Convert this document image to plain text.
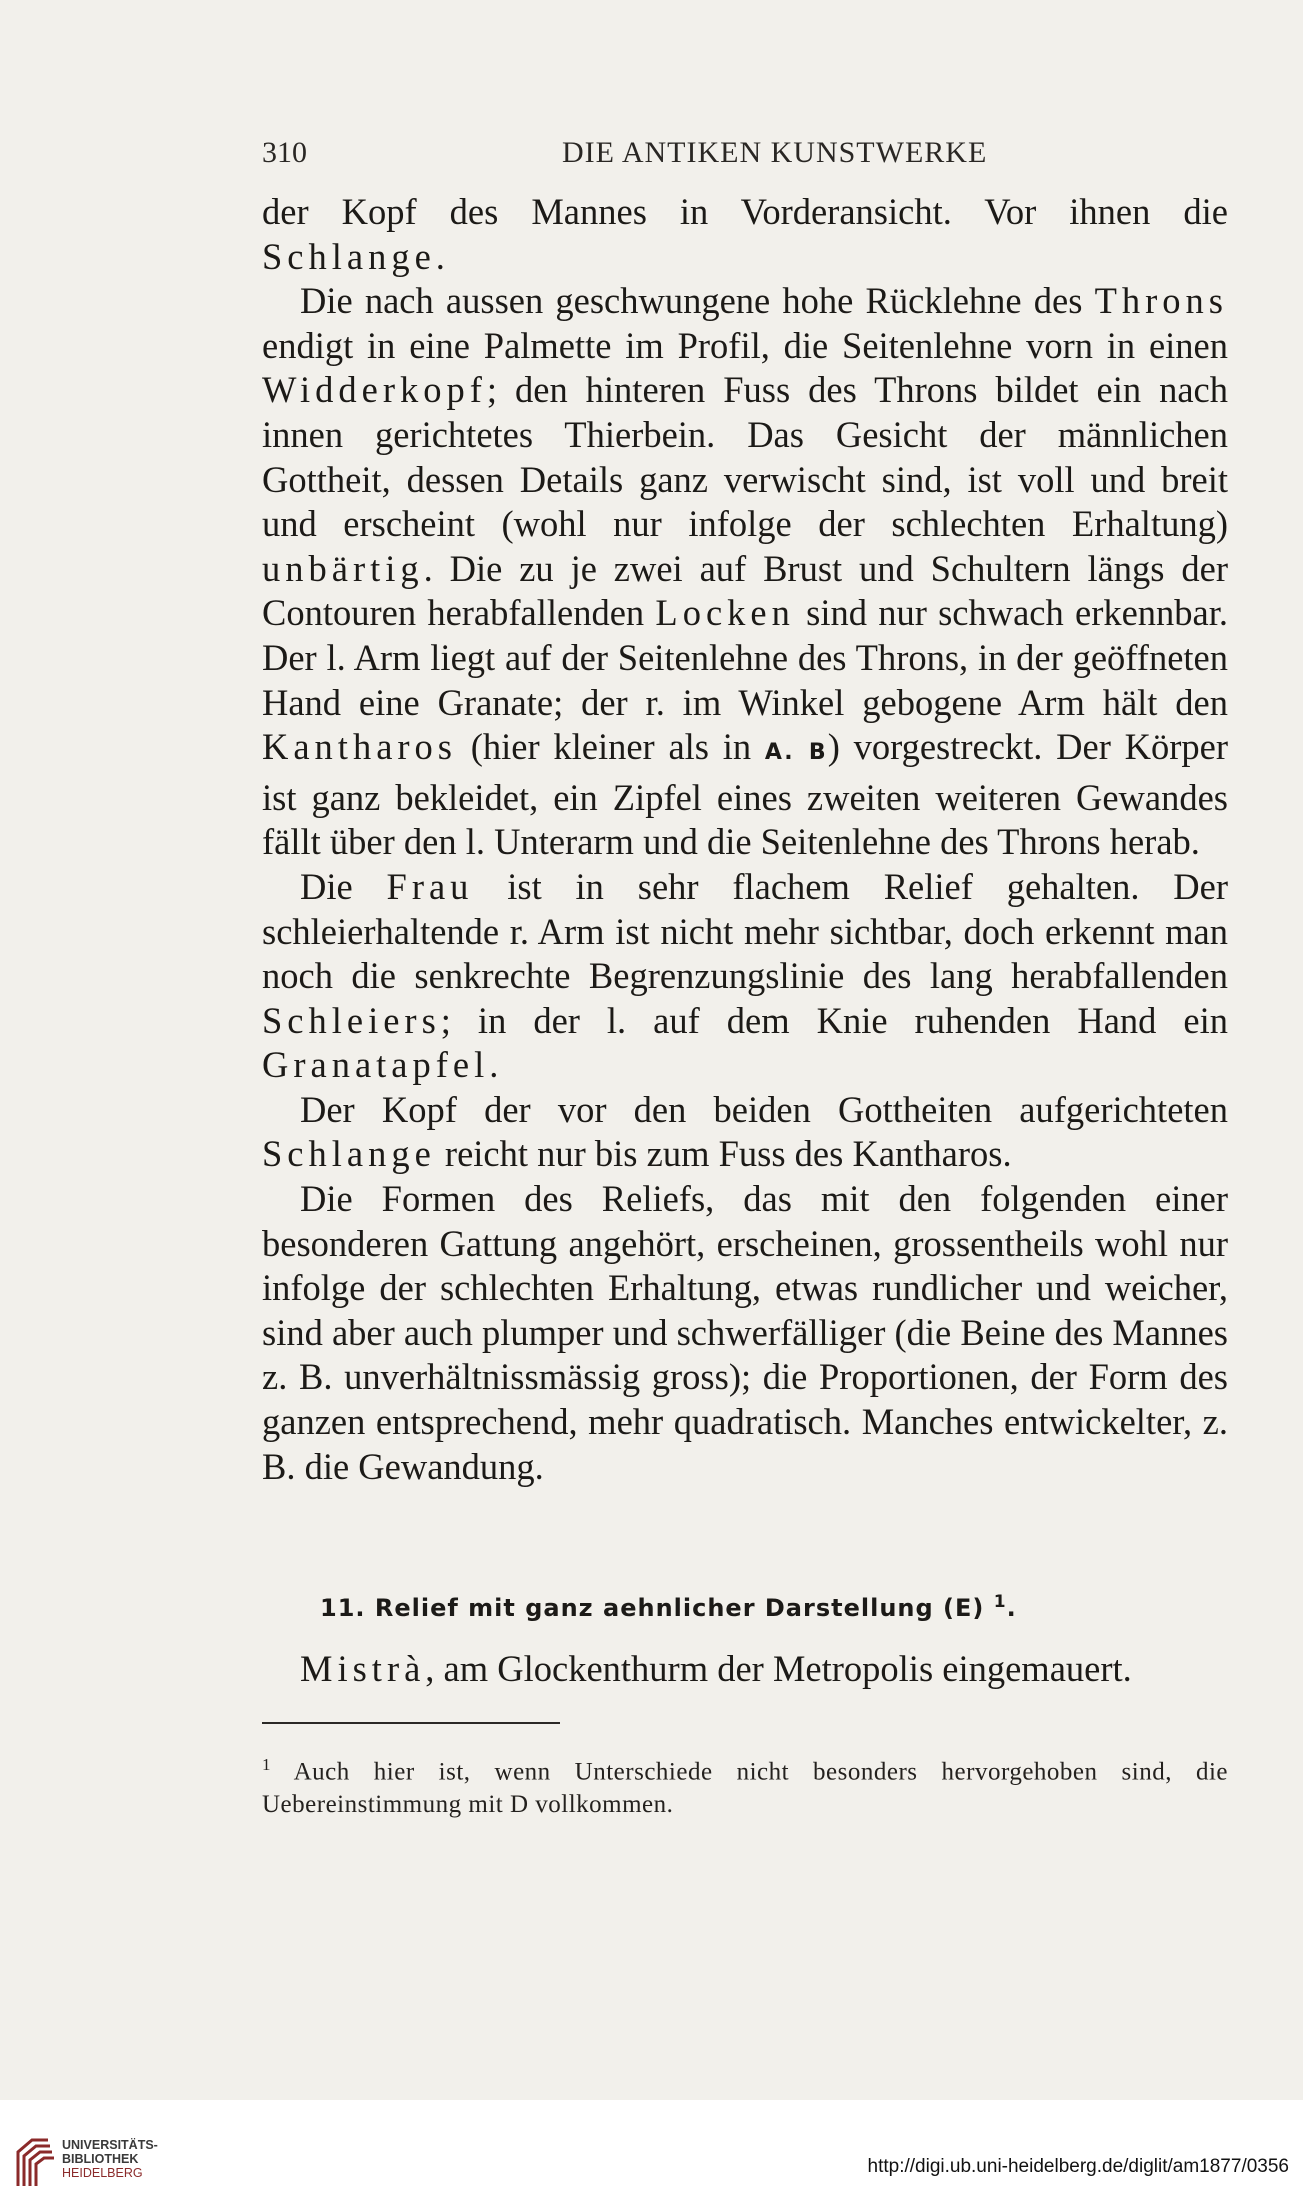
310	DIE ANTIKEN KUNSTWERKE

der Kopf des Mannes in Vorderansicht. Vor ihnen die Schlange.

Die nach aussen geschwungene hohe Rücklehne des Throns endigt in eine Palmette im Profil, die Seitenlehne vorn in einen Widderkopf; den hinteren Fuss des Throns bildet ein nach innen gerichtetes Thierbein. Das Gesicht der männlichen Gottheit, dessen Details ganz verwischt sind, ist voll und breit und erscheint (wohl nur infolge der schlechten Erhaltung) unbärtig. Die zu je zwei auf Brust und Schultern längs der Contouren herabfallenden Locken sind nur schwach erkennbar. Der l. Arm liegt auf der Seitenlehne des Throns, in der geöffneten Hand eine Granate; der r. im Winkel gebogene Arm hält den Kantharos (hier kleiner als in A. B) vorgestreckt. Der Körper ist ganz bekleidet, ein Zipfel eines zweiten weiteren Gewandes fällt über den l. Unterarm und die Seitenlehne des Throns herab.

Die Frau ist in sehr flachem Relief gehalten. Der schleierhaltende r. Arm ist nicht mehr sichtbar, doch erkennt man noch die senkrechte Begrenzungslinie des lang herabfallenden Schleiers; in der l. auf dem Knie ruhenden Hand ein Granatapfel.

Der Kopf der vor den beiden Gottheiten aufgerichteten Schlange reicht nur bis zum Fuss des Kantharos.

Die Formen des Reliefs, das mit den folgenden einer besonderen Gattung angehört, erscheinen, grossentheils wohl nur infolge der schlechten Erhaltung, etwas rundlicher und weicher, sind aber auch plumper und schwerfälliger (die Beine des Mannes z. B. unverhältnissmässig gross); die Proportionen, der Form des ganzen entsprechend, mehr quadratisch. Manches entwickelter, z. B. die Gewandung.

11. Relief mit ganz aehnlicher Darstellung (E) $^1$.
Mistrà, am Glockenthurm der Metropolis eingemauert.
$^1$ Auch hier ist, wenn Unterschiede nicht besonders hervorgehoben sind, die Uebereinstimmung mit D vollkommen.
UNIVERSITÄTS-
BIBLIOTHEK
HEIDELBERG	http://digi.ub.uni-heidelberg.de/diglit/am1877/0356
